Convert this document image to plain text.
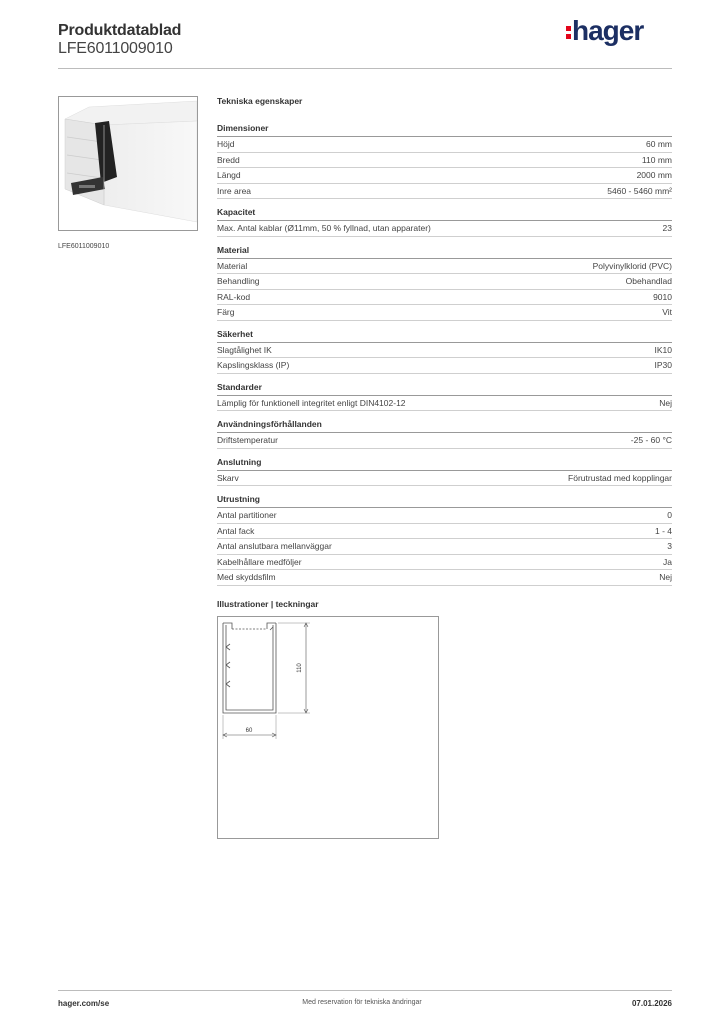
Produktdatablad
LFE6011009010
hager
LFE6011009010
Tekniska egenskaper
Dimensioner
Höjd	60 mm
Bredd	110 mm
Längd	2000 mm
Inre area	5460 - 5460 mm²
Kapacitet
Max. Antal kablar (Ø11mm, 50 % fyllnad, utan apparater)	23
Material
Material	Polyvinylklorid (PVC)
Behandling	Obehandlad
RAL-kod	9010
Färg	Vit
Säkerhet
Slagtålighet IK	IK10
Kapslingsklass (IP)	IP30
Standarder
Lämplig för funktionell integritet enligt DIN4102-12	Nej
Användningsförhållanden
Driftstemperatur	-25 - 60 °C
Anslutning
Skarv	Förutrustad med kopplingar
Utrustning
Antal partitioner	0
Antal fack	1 - 4
Antal anslutbara mellanväggar	3
Kabelhållare medföljer	Ja
Med skyddsfilm	Nej
Illustrationer | teckningar
110
60
hager.com/se	Med reservation för tekniska ändringar	07.01.2026
